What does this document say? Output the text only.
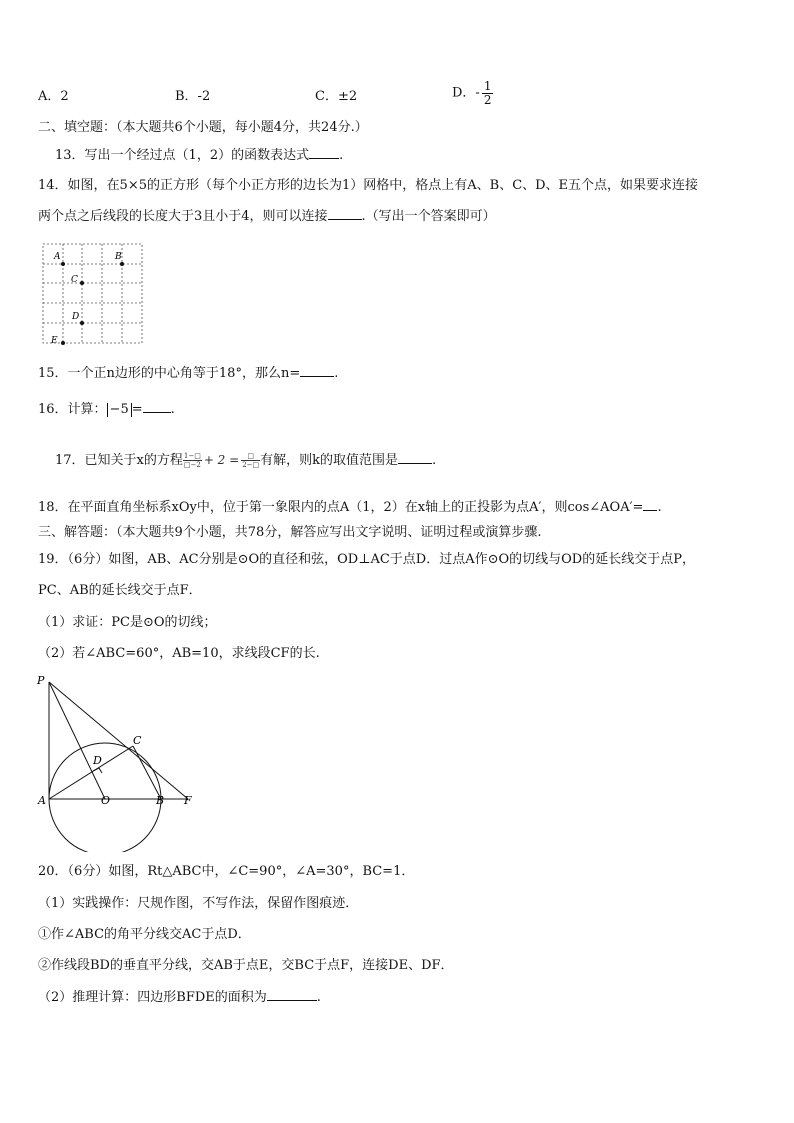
A．2	B．-2	C．±2	D．- $\frac{1}{2}$
二、填空题：（本大题共6个小题，每小题4分，共24分.）
13．写出一个经过点（1，2）的函数表达式 .
14．如图，在5×5的正方形（每个小正方形的边长为1）网格中，格点上有A、B、C、D、E五个点，如果要求连接
两个点之后线段的长度大于3且小于4，则可以连接	.（写出一个答案即可）
A	B
C
D
E
15．一个正n边形的中心角等于18°，那么n=	.
16．计算： −5 = .
17．已知关于x的方程 $\frac{1-□}{□-2} + 2$ =	□
2−□ 有解，则k的取值范围是	.
18．在平面直角坐标系xOy中，位于第一象限内的点A（1，2）在x轴上的正投影为点A′，则cos∠AOA′= .
三、解答题：（本大题共9个小题，共78分，解答应写出文字说明、证明过程或演算步骤.
19．（6分）如图，AB、AC分别是⊙O的直径和弦，OD⊥AC于点D．过点A作⊙O的切线与OD的延长线交于点P，
PC、AB的延长线交于点F．
（1）求证：PC是⊙O的切线；
（2）若∠ABC=60°，AB=10，求线段CF的长.
P
C
D
A	O	B F
20．（6分）如图，Rt△ABC中，∠C=90°，∠A=30°，BC=1．
（1）实践操作：尺规作图，不写作法，保留作图痕迹．
①作∠ABC的角平分线交AC于点D．
②作线段BD的垂直平分线，交AB于点E，交BC于点F，连接DE、DF．
（2）推理计算：四边形BFDE的面积为	.
